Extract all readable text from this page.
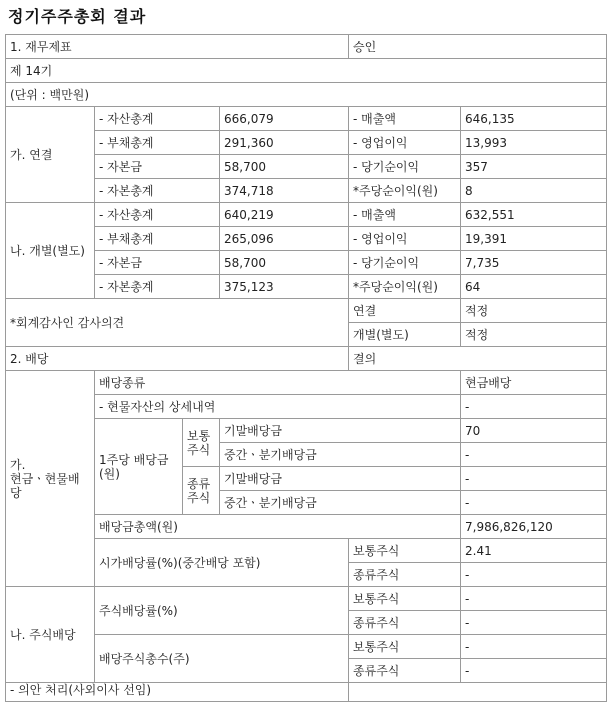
정기주주총회 결과
1. 재무제표				승인	
제 14기					
(단위 : 백만원)					
가. 연결	- 자산총계		666,079	- 매출액	646,135
	- 부채총계		291,360	- 영업이익	13,993
	- 자본금		58,700	- 당기순이익	357
	- 자본총계		374,718	*주당순이익(원)	8
나. 개별(별도)	- 자산총계		640,219	- 매출액	632,551
	- 부채총계		265,096	- 영업이익	19,391
	- 자본금		58,700	- 당기순이익	7,735
	- 자본총계		375,123	*주당순이익(원)	64
*회계감사인 감사의견				연결	적정
				개별(별도)	적정
2. 배당				결의	
가. 현금ㆍ현물배당	배당종류				현금배당
	- 현물자산의 상세내역				-
	1주당 배당금(원)	보통주식	기말배당금		70
			중간ㆍ분기배당금		-
		종류주식	기말배당금		-
			중간ㆍ분기배당금		-
	배당금총액(원)				7,986,826,120
	시가배당률(%)(중간배당 포함)			보통주식	2.41
				종류주식	-
나. 주식배당	주식배당률(%)			보통주식	-
				종류주식	-
	배당주식총수(주)			보통주식	-
				종류주식	-
- 의안 처리(사외이사 선임)					
